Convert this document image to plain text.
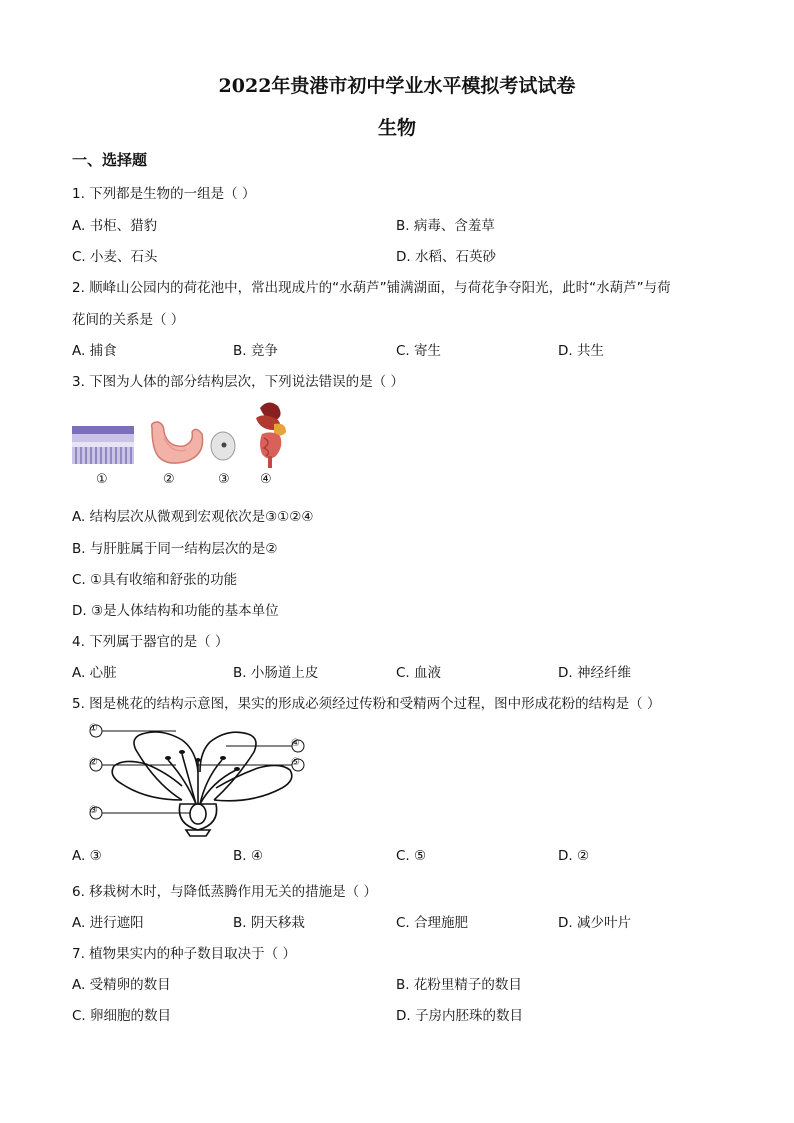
2022年贵港市初中学业水平模拟考试试卷
生物
一、选择题
1. 下列都是生物的一组是（ ）
A. 书柜、猎豹	B. 病毒、含羞草
C. 小麦、石头	D. 水稻、石英砂
2. 顺峰山公园内的荷花池中，常出现成片的“水葫芦”铺满湖面，与荷花争夺阳光，此时“水葫芦”与荷
花间的关系是（ ）
A. 捕食	B. 竞争	C. 寄生	D. 共生
3. 下图为人体的部分结构层次，下列说法错误的是（ ）
①	②	③ ④
A. 结构层次从微观到宏观依次是③①②④
B. 与肝脏属于同一结构层次的是②
C. ①具有收缩和舒张的功能
D. ③是人体结构和功能的基本单位
4. 下列属于器官的是（ ）
A. 心脏	B. 小肠道上皮	C. 血液	D. 神经纤维
5. 图是桃花的结构示意图，果实的形成必须经过传粉和受精两个过程，图中形成花粉的结构是（ ）
①
②
③
④
⑤
A. ③	B. ④	C. ⑤	D. ②
6. 移栽树木时，与降低蒸腾作用无关的措施是（ ）
A. 进行遮阳	B. 阴天移栽	C. 合理施肥	D. 减少叶片
7. 植物果实内的种子数目取决于（ ）
A. 受精卵的数目	B. 花粉里精子的数目
C. 卵细胞的数目	D. 子房内胚珠的数目
